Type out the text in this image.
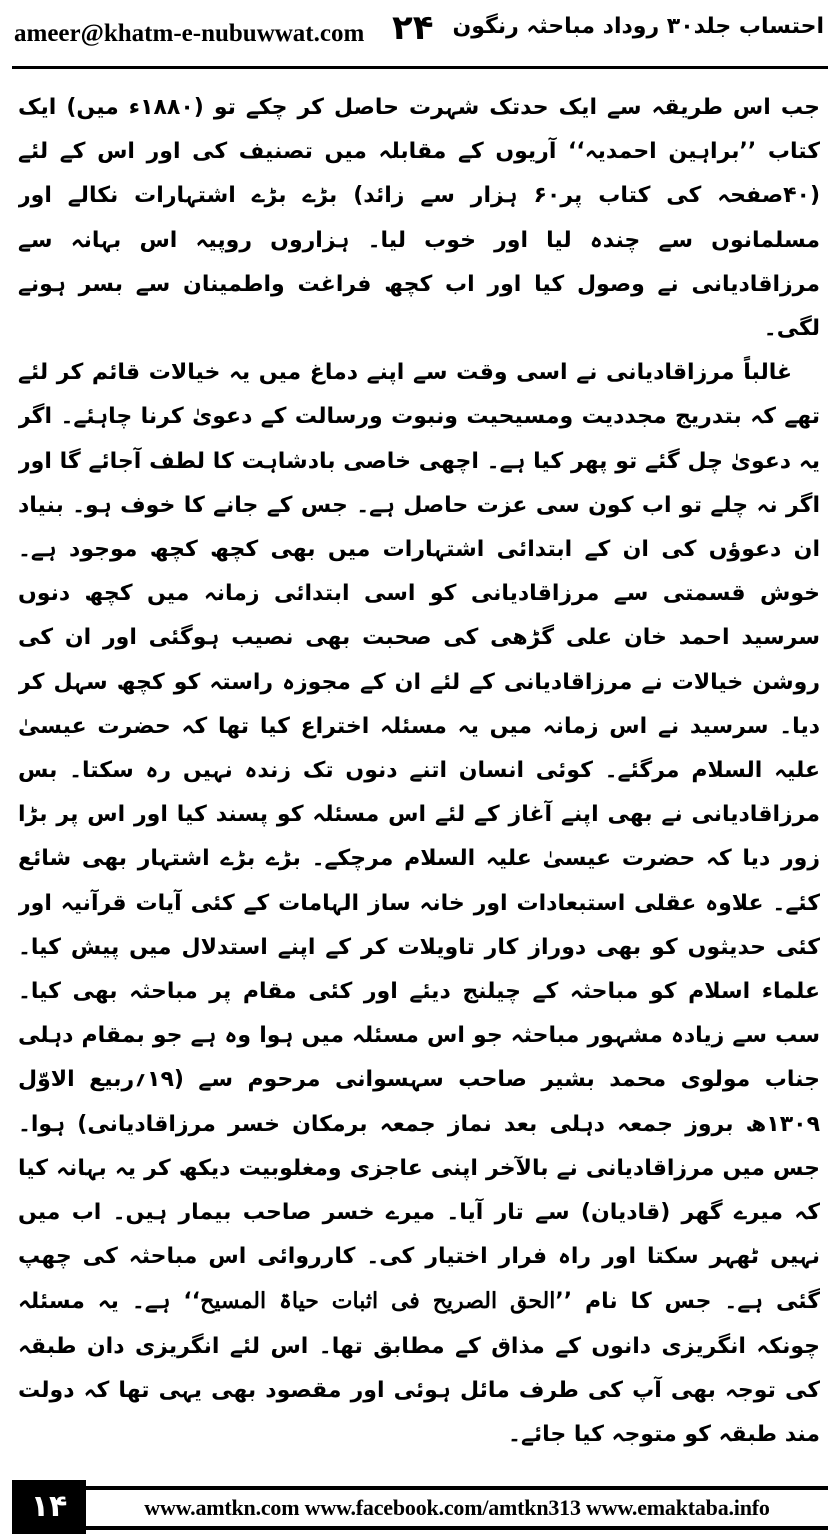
ameer@khatm-e-nubuwwat.com ۲۴ احتساب جلد۳۰ روداد مباحثہ رنگون

جب اس طریقہ سے ایک حدتک شہرت حاصل کر چکے تو (۱۸۸۰ء میں) ایک کتاب ’’براہین احمدیہ‘‘ آریوں کے مقابلہ میں تصنیف کی اور اس کے لئے (۴۰صفحہ کی کتاب پر۶۰ ہزار سے زائد) بڑے بڑے اشتہارات نکالے اور مسلمانوں سے چندہ لیا اور خوب لیا۔ ہزاروں روپیہ اس بہانہ سے مرزاقادیانی نے وصول کیا اور اب کچھ فراغت واطمینان سے بسر ہونے لگی۔

غالباً مرزاقادیانی نے اسی وقت سے اپنے دماغ میں یہ خیالات قائم کر لئے تھے کہ بتدریج مجددیت ومسیحیت ونبوت ورسالت کے دعویٰ کرنا چاہئے۔ اگر یہ دعویٰ چل گئے تو پھر کیا ہے۔ اچھی خاصی بادشاہت کا لطف آجائے گا اور اگر نہ چلے تو اب کون سی عزت حاصل ہے۔ جس کے جانے کا خوف ہو۔ بنیاد ان دعوؤں کی ان کے ابتدائی اشتہارات میں بھی کچھ کچھ موجود ہے۔ خوش قسمتی سے مرزاقادیانی کو اسی ابتدائی زمانہ میں کچھ دنوں سرسید احمد خان علی گڑھی کی صحبت بھی نصیب ہوگئی اور ان کی روشن خیالات نے مرزاقادیانی کے لئے ان کے مجوزہ راستہ کو کچھ سہل کر دیا۔ سرسید نے اس زمانہ میں یہ مسئلہ اختراع کیا تھا کہ حضرت عیسیٰ علیہ السلام مرگئے۔ کوئی انسان اتنے دنوں تک زندہ نہیں رہ سکتا۔ بس مرزاقادیانی نے بھی اپنے آغاز کے لئے اس مسئلہ کو پسند کیا اور اس پر بڑا زور دیا کہ حضرت عیسیٰ علیہ السلام مرچکے۔ بڑے بڑے اشتہار بھی شائع کئے۔ علاوہ عقلی استبعادات اور خانہ ساز الہامات کے کئی آیات قرآنیہ اور کئی حدیثوں کو بھی دوراز کار تاویلات کر کے اپنے استدلال میں پیش کیا۔ علماء اسلام کو مباحثہ کے چیلنج دیئے اور کئی مقام پر مباحثہ بھی کیا۔ سب سے زیادہ مشہور مباحثہ جو اس مسئلہ میں ہوا وہ ہے جو بمقام دہلی جناب مولوی محمد بشیر صاحب سہسوانی مرحوم سے (۱۹؍ربیع الاوّل ۱۳۰۹ھ بروز جمعہ دہلی بعد نماز جمعہ برمکان خسر مرزاقادیانی) ہوا۔ جس میں مرزاقادیانی نے بالآخر اپنی عاجزی ومغلوبیت دیکھ کر یہ بہانہ کیا کہ میرے گھر (قادیان) سے تار آیا۔ میرے خسر صاحب بیمار ہیں۔ اب میں نہیں ٹھہر سکتا اور راہ فرار اختیار کی۔ کارروائی اس مباحثہ کی چھپ گئی ہے۔ جس کا نام ’’الحق الصریح فی اثبات حیاۃ المسیح‘‘ ہے۔ یہ مسئلہ چونکہ انگریزی دانوں کے مذاق کے مطابق تھا۔ اس لئے انگریزی دان طبقہ کی توجہ بھی آپ کی طرف مائل ہوئی اور مقصود بھی یہی تھا کہ دولت مند طبقہ کو متوجہ کیا جائے۔

۱۴	www.amtkn.com www.facebook.com/amtkn313 www.emaktaba.info
